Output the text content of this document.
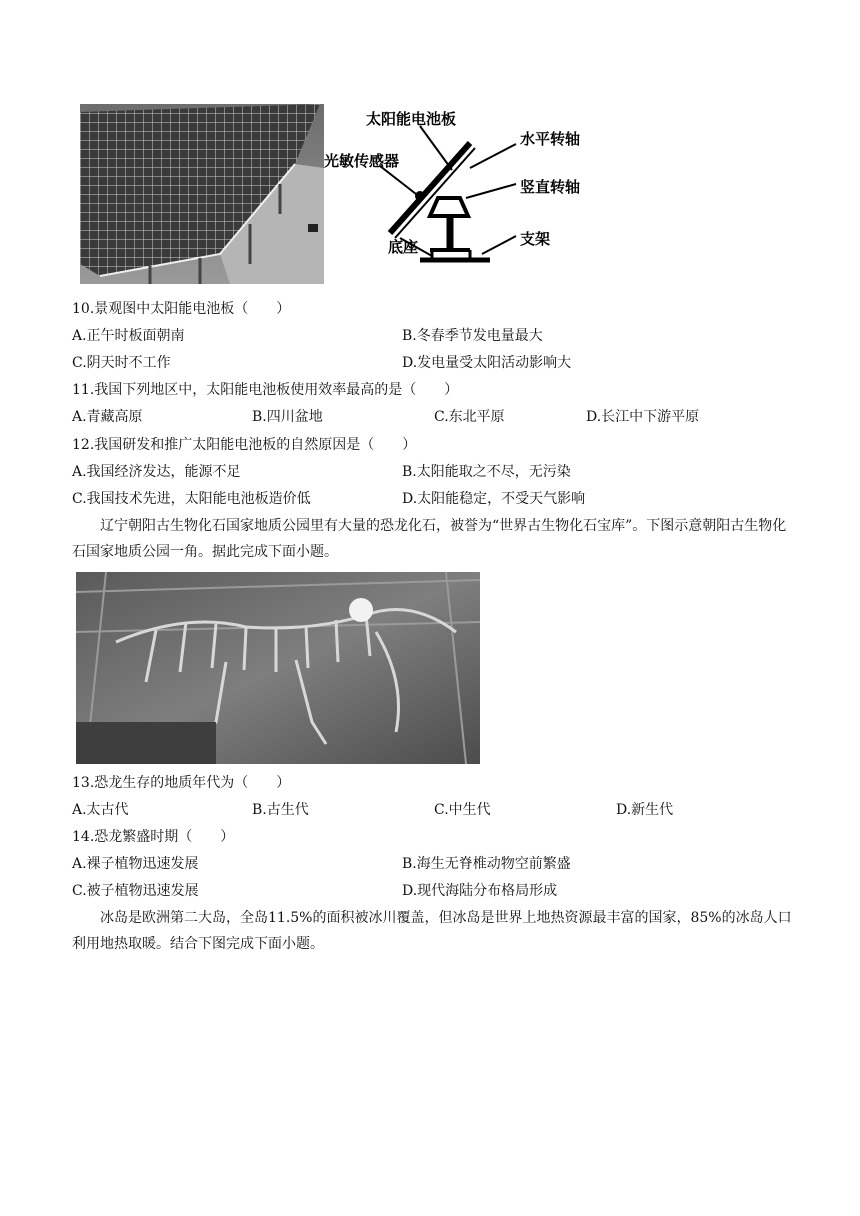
太阳能电池板
光敏传感器
水平转轴
竖直转轴
底座	支架
10.景观图中太阳能电池板（　　）
A.正午时板面朝南	B.冬春季节发电量最大
C.阴天时不工作	D.发电量受太阳活动影响大
11.我国下列地区中，太阳能电池板使用效率最高的是（　　）
A.青藏高原	B.四川盆地	C.东北平原	D.长江中下游平原
12.我国研发和推广太阳能电池板的自然原因是（　　）
A.我国经济发达，能源不足	B.太阳能取之不尽，无污染
C.我国技术先进，太阳能电池板造价低	D.太阳能稳定，不受天气影响
辽宁朝阳古生物化石国家地质公园里有大量的恐龙化石，被誉为“世界古生物化石宝库”。下图示意朝阳古生物化石国家地质公园一角。据此完成下面小题。
13.恐龙生存的地质年代为（　　）
A.太古代	B.古生代	C.中生代	D.新生代
14.恐龙繁盛时期（　　）
A.裸子植物迅速发展	B.海生无脊椎动物空前繁盛
C.被子植物迅速发展	D.现代海陆分布格局形成
冰岛是欧洲第二大岛，全岛11.5%的面积被冰川覆盖，但冰岛是世界上地热资源最丰富的国家，85%的冰岛人口利用地热取暖。结合下图完成下面小题。
